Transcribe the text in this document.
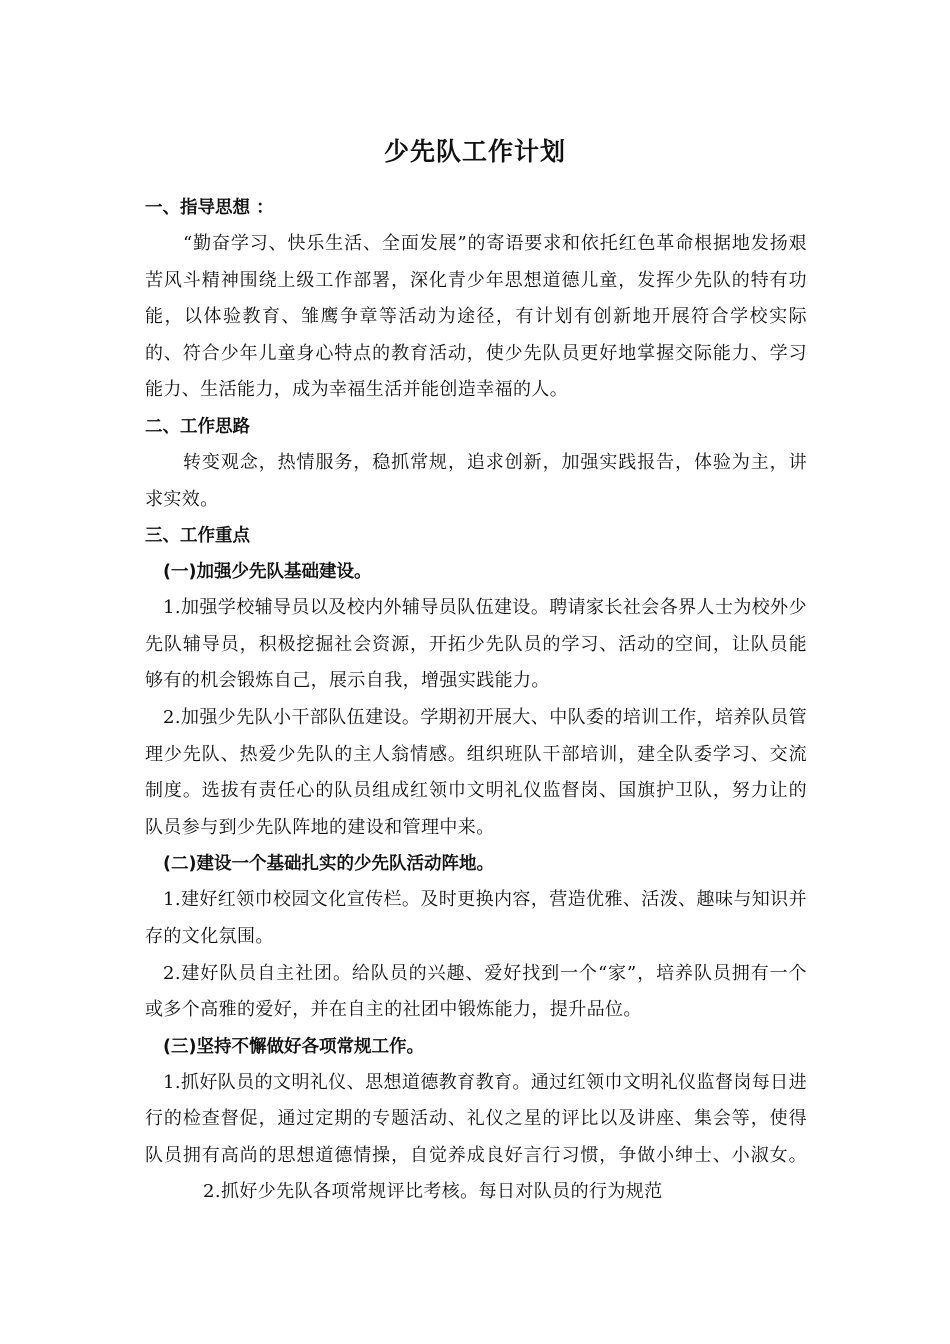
少先队工作计划
一、指导思想 ：

“勤奋学习、快乐生活、全面发展”的寄语要求和依托红色革命根据地发扬艰苦风斗精神围绕上级工作部署，深化青少年思想道德儿童，发挥少先队的特有功能，以体验教育、雏鹰争章等活动为途径，有计划有创新地开展符合学校实际的、符合少年儿童身心特点的教育活动，使少先队员更好地掌握交际能力、学习能力、生活能力，成为幸福生活并能创造幸福的人。

二、工作思路

转变观念，热情服务，稳抓常规，追求创新，加强实践报告，体验为主，讲求实效。

三、工作重点
(一)加强少先队基础建设。

1.加强学校辅导员以及校内外辅导员队伍建设。聘请家长社会各界人士为校外少先队辅导员，积极挖掘社会资源，开拓少先队员的学习、活动的空间，让队员能够有的机会锻炼自己，展示自我，增强实践能力。

2.加强少先队小干部队伍建设。学期初开展大、中队委的培训工作，培养队员管理少先队、热爱少先队的主人翁情感。组织班队干部培训，建全队委学习、交流制度。选拔有责任心的队员组成红领巾文明礼仪监督岗、国旗护卫队，努力让的队员参与到少先队阵地的建设和管理中来。

(二)建设一个基础扎实的少先队活动阵地。

1.建好红领巾校园文化宣传栏。及时更换内容，营造优雅、活泼、趣味与知识并存的文化氛围。

2.建好队员自主社团。给队员的兴趣、爱好找到一个“家”，培养队员拥有一个或多个高雅的爱好，并在自主的社团中锻炼能力，提升品位。

(三)坚持不懈做好各项常规工作。

1.抓好队员的文明礼仪、思想道德教育教育。通过红领巾文明礼仪监督岗每日进行的检查督促，通过定期的专题活动、礼仪之星的评比以及讲座、集会等，使得队员拥有高尚的思想道德情操，自觉养成良好言行习惯，争做小绅士、小淑女。2.抓好少先队各项常规评比考核。每日对队员的行为规范
